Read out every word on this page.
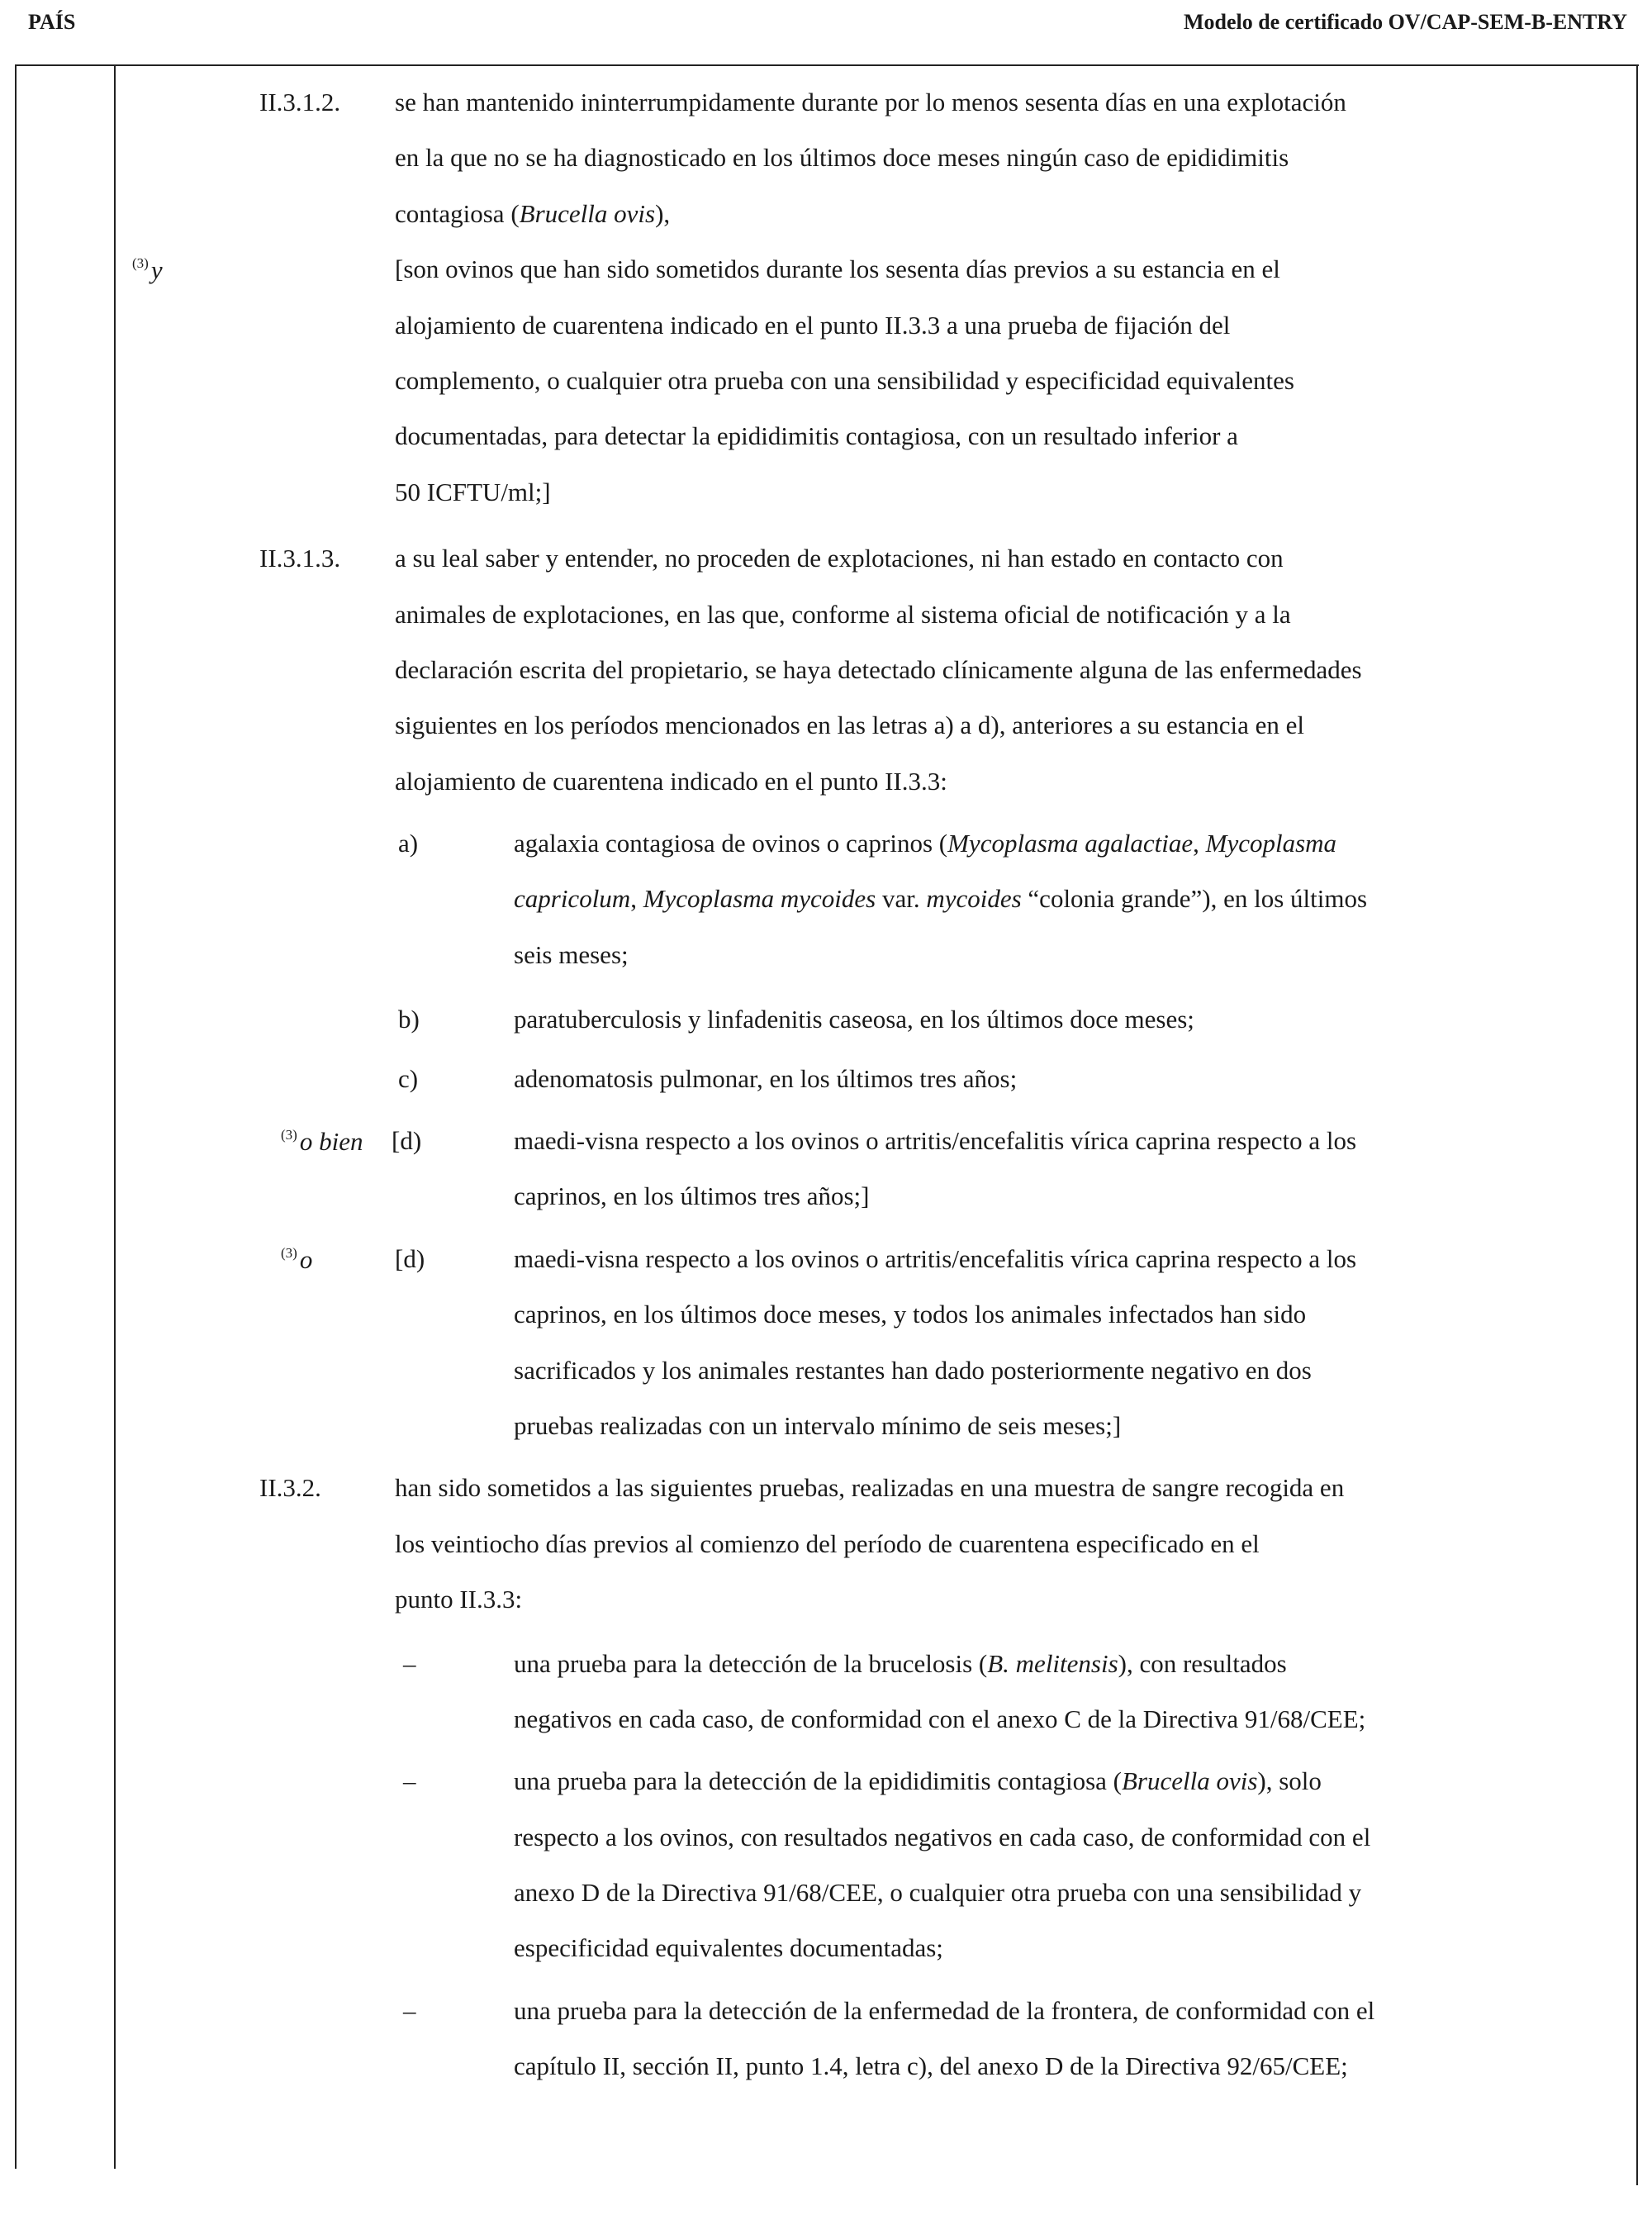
PAÍS	Modelo de certificado OV/CAP-SEM-B-ENTRY
II.3.1.2. se han mantenido ininterrumpidamente durante por lo menos sesenta días en una explotación
en la que no se ha diagnosticado en los últimos doce meses ningún caso de epididimitis
contagiosa (Brucella ovis),
$^{(3)}$y	[son ovinos que han sido sometidos durante los sesenta días previos a su estancia en el
alojamiento de cuarentena indicado en el punto II.3.3 a una prueba de fijación del
complemento, o cualquier otra prueba con una sensibilidad y especificidad equivalentes
documentadas, para detectar la epididimitis contagiosa, con un resultado inferior a
50 ICFTU/ml;]
II.3.1.3. a su leal saber y entender, no proceden de explotaciones, ni han estado en contacto con
animales de explotaciones, en las que, conforme al sistema oficial de notificación y a la
declaración escrita del propietario, se haya detectado clínicamente alguna de las enfermedades
siguientes en los períodos mencionados en las letras a) a d), anteriores a su estancia en el
alojamiento de cuarentena indicado en el punto II.3.3:
a)	agalaxia contagiosa de ovinos o caprinos (Mycoplasma agalactiae, Mycoplasma
capricolum, Mycoplasma mycoides var. mycoides “colonia grande”), en los últimos
seis meses;
b)	paratuberculosis y linfadenitis caseosa, en los últimos doce meses;
c)	adenomatosis pulmonar, en los últimos tres años;
$^{(3)}$o bien [d)	maedi-visna respecto a los ovinos o artritis/encefalitis vírica caprina respecto a los
caprinos, en los últimos tres años;]
$^{(3)}$o	[d)	maedi-visna respecto a los ovinos o artritis/encefalitis vírica caprina respecto a los
caprinos, en los últimos doce meses, y todos los animales infectados han sido
sacrificados y los animales restantes han dado posteriormente negativo en dos
pruebas realizadas con un intervalo mínimo de seis meses;]
II.3.2.	han sido sometidos a las siguientes pruebas, realizadas en una muestra de sangre recogida en
los veintiocho días previos al comienzo del período de cuarentena especificado en el
punto II.3.3:
–	una prueba para la detección de la brucelosis (B. melitensis), con resultados
negativos en cada caso, de conformidad con el anexo C de la Directiva 91/68/CEE;
–	una prueba para la detección de la epididimitis contagiosa (Brucella ovis), solo
respecto a los ovinos, con resultados negativos en cada caso, de conformidad con el
anexo D de la Directiva 91/68/CEE, o cualquier otra prueba con una sensibilidad y
especificidad equivalentes documentadas;
–	una prueba para la detección de la enfermedad de la frontera, de conformidad con el
capítulo II, sección II, punto 1.4, letra c), del anexo D de la Directiva 92/65/CEE;
